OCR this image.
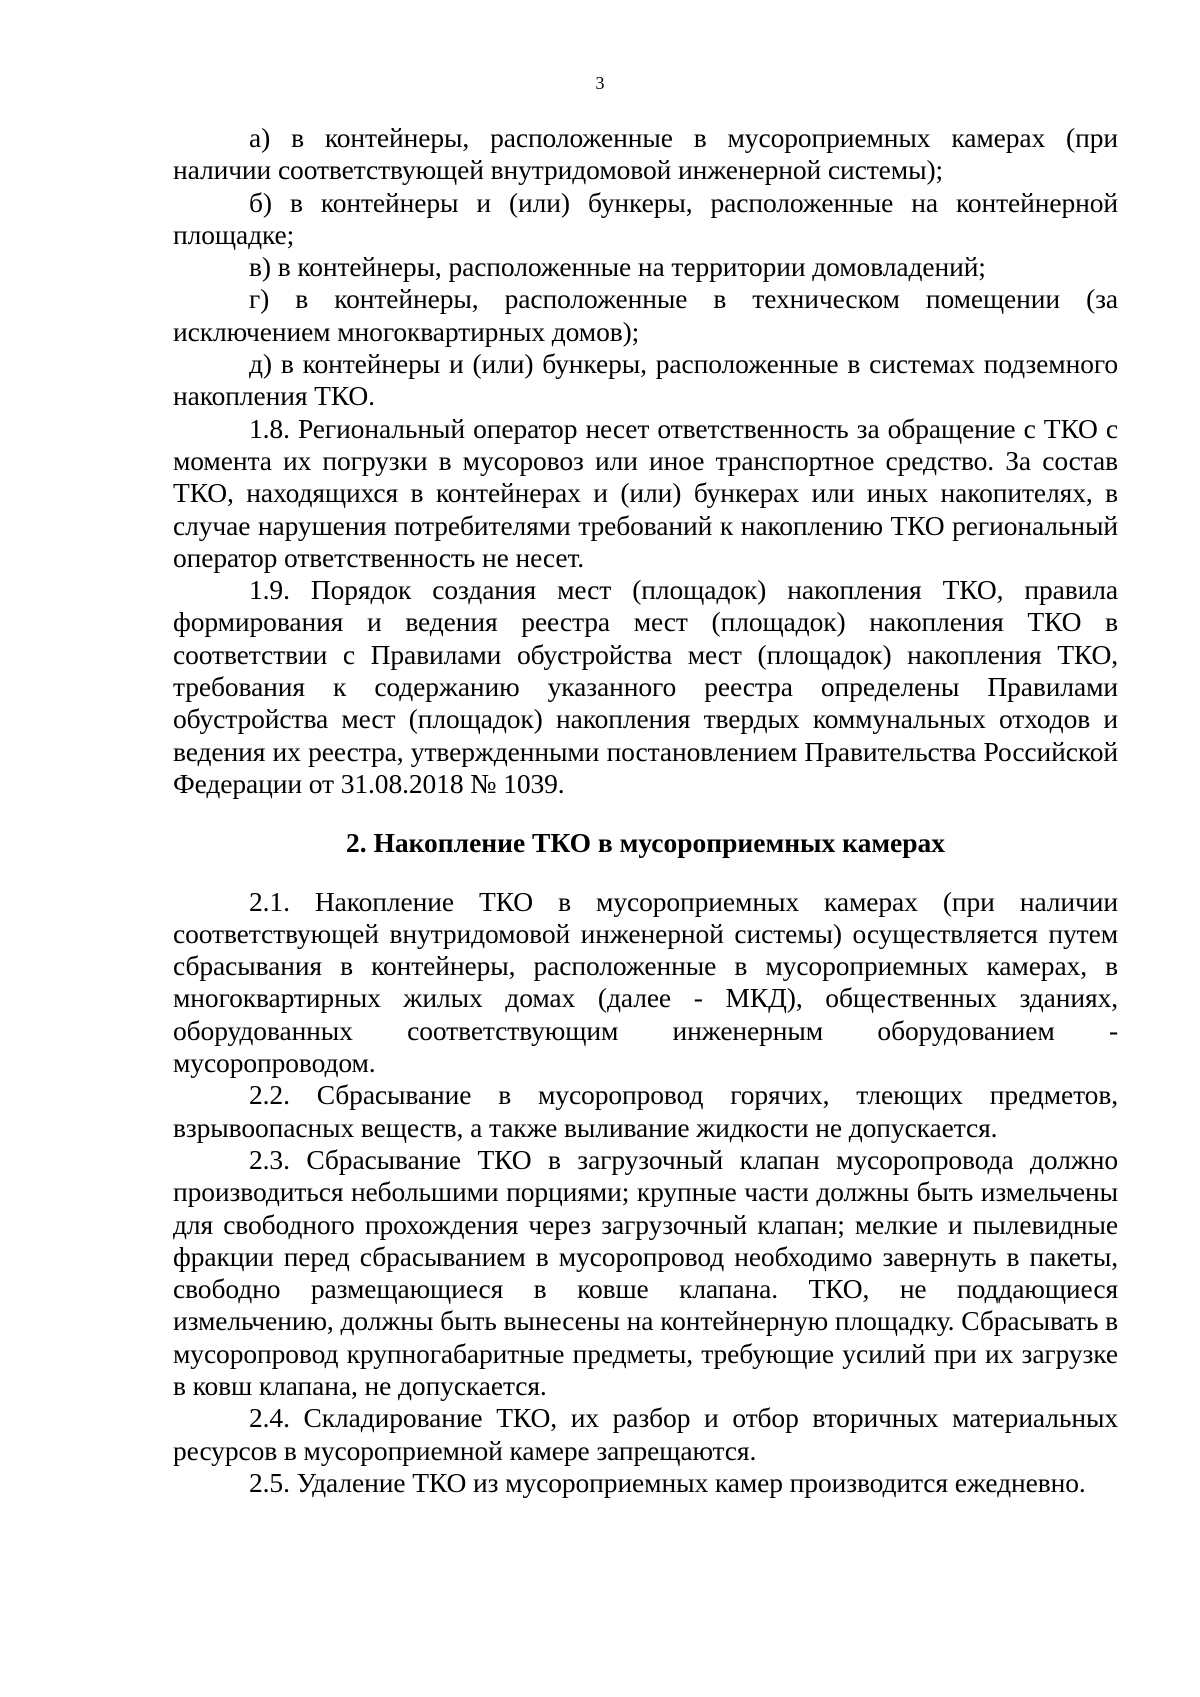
3

а) в контейнеры, расположенные в мусороприемных камерах (при наличии соответствующей внутридомовой инженерной системы);

б) в контейнеры и (или) бункеры, расположенные на контейнерной площадке;

в) в контейнеры, расположенные на территории домовладений;

г) в контейнеры, расположенные в техническом помещении (за исключением многоквартирных домов);

д) в контейнеры и (или) бункеры, расположенные в системах подземного накопления ТКО.

1.8. Региональный оператор несет ответственность за обращение с ТКО с момента их погрузки в мусоровоз или иное транспортное средство. За состав ТКО, находящихся в контейнерах и (или) бункерах или иных накопителях, в случае нарушения потребителями требований к накоплению ТКО региональный оператор ответственность не несет.

1.9. Порядок создания мест (площадок) накопления ТКО, правила формирования и ведения реестра мест (площадок) накопления ТКО в соответствии с Правилами обустройства мест (площадок) накопления ТКО, требования к содержанию указанного реестра определены Правилами обустройства мест (площадок) накопления твердых коммунальных отходов и ведения их реестра, утвержденными постановлением Правительства Российской Федерации от 31.08.2018 № 1039.

2. Накопление ТКО в мусороприемных камерах

2.1. Накопление ТКО в мусороприемных камерах (при наличии соответствующей внутридомовой инженерной системы) осуществляется путем сбрасывания в контейнеры, расположенные в мусороприемных камерах, в многоквартирных жилых домах (далее - МКД), общественных зданиях, оборудованных соответствующим инженерным оборудованием - мусоропроводом.

2.2. Сбрасывание в мусоропровод горячих, тлеющих предметов, взрывоопасных веществ, а также выливание жидкости не допускается.

2.3. Сбрасывание ТКО в загрузочный клапан мусоропровода должно производиться небольшими порциями; крупные части должны быть измельчены для свободного прохождения через загрузочный клапан; мелкие и пылевидные фракции перед сбрасыванием в мусоропровод необходимо завернуть в пакеты, свободно размещающиеся в ковше клапана. ТКО, не поддающиеся измельчению, должны быть вынесены на контейнерную площадку. Сбрасывать в мусоропровод крупногабаритные предметы, требующие усилий при их загрузке в ковш клапана, не допускается.

2.4. Складирование ТКО, их разбор и отбор вторичных материальных ресурсов в мусороприемной камере запрещаются.

2.5. Удаление ТКО из мусороприемных камер производится ежедневно.
